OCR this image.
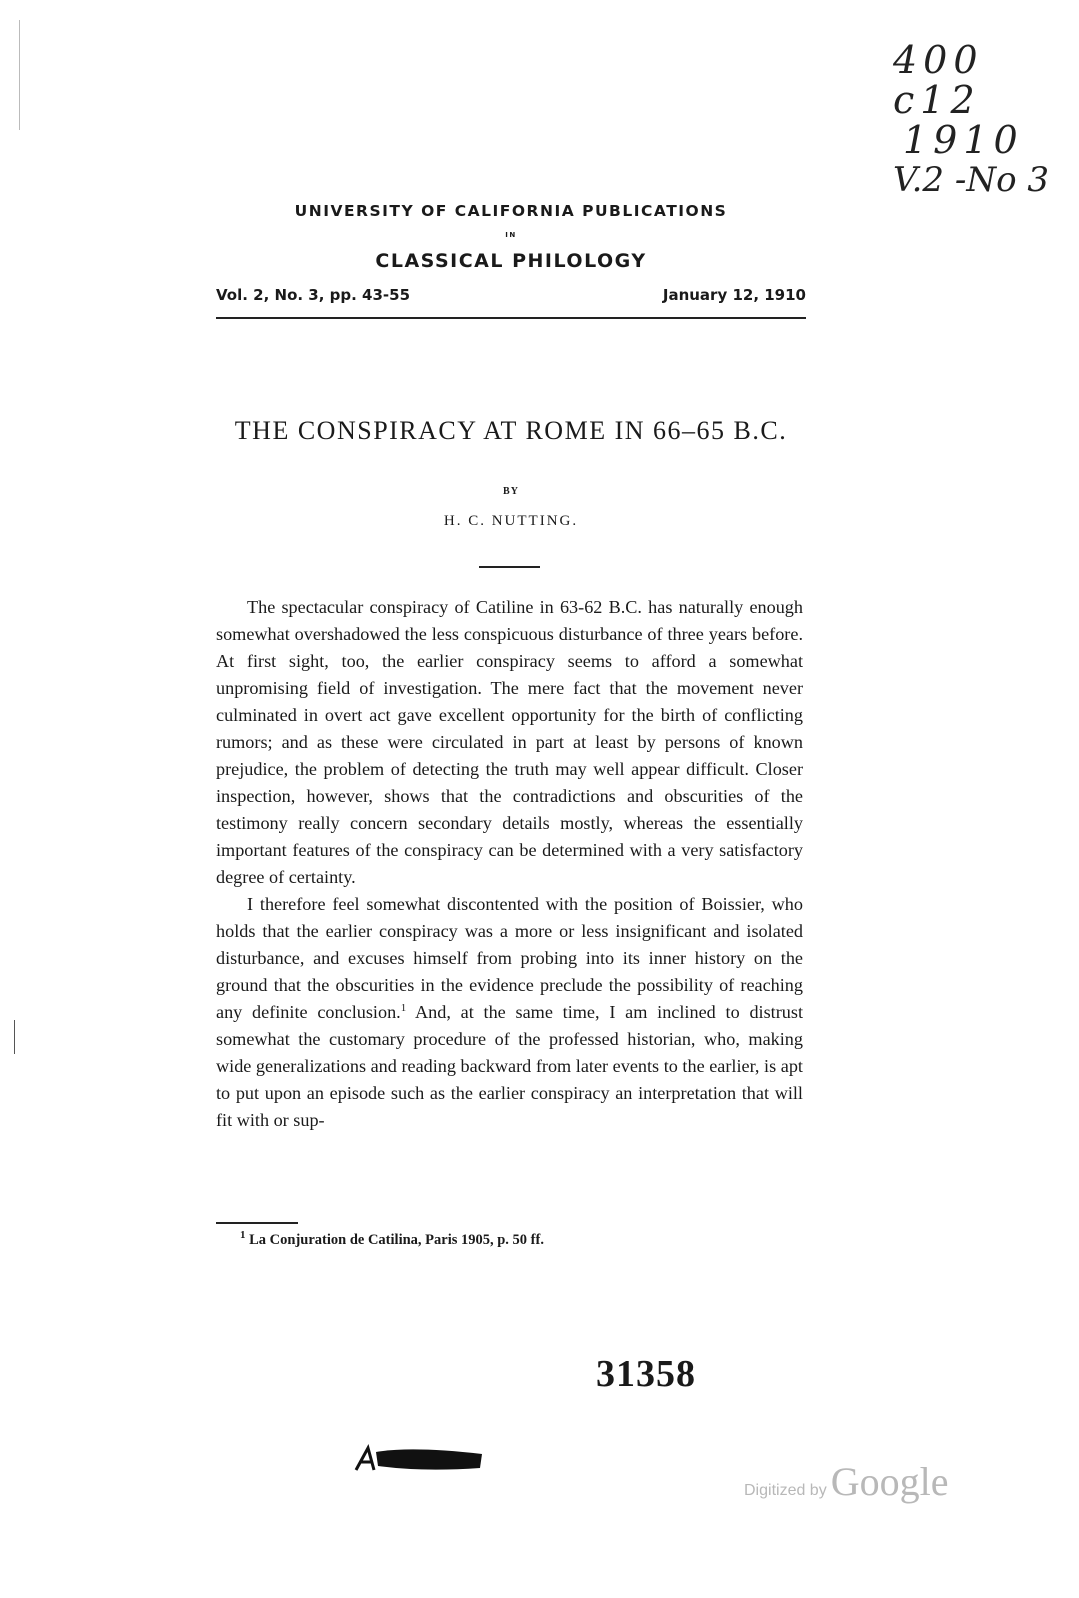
400
c12
1910
V.2 -No 3
UNIVERSITY OF CALIFORNIA PUBLICATIONS
IN
CLASSICAL PHILOLOGY
Vol. 2, No. 3, pp. 43-55	January 12, 1910
THE CONSPIRACY AT ROME IN 66–65 B.C.
BY
H. C. NUTTING.

The spectacular conspiracy of Catiline in 63-62 B.C. has naturally enough somewhat overshadowed the less conspicuous disturbance of three years before. At first sight, too, the earlier conspiracy seems to afford a somewhat unpromising field of investigation. The mere fact that the movement never culminated in overt act gave excellent opportunity for the birth of conflicting rumors; and as these were circulated in part at least by persons of known prejudice, the problem of detecting the truth may well appear difficult. Closer inspection, however, shows that the contradictions and obscurities of the testimony really concern secondary details mostly, whereas the essentially important features of the conspiracy can be determined with a very satisfactory degree of certainty.

I therefore feel somewhat discontented with the position of Boissier, who holds that the earlier conspiracy was a more or less insignificant and isolated disturbance, and excuses himself from probing into its inner history on the ground that the obscurities in the evidence preclude the possibility of reaching any definite conclusion.$^1$ And, at the same time, I am inclined to distrust somewhat the customary procedure of the professed historian, who, making wide generalizations and reading backward from later events to the earlier, is apt to put upon an episode such as the earlier conspiracy an interpretation that will fit with or sup-

$^1$ La Conjuration de Catilina, Paris 1905, p. 50 ff.
31358
Digitized by Google
